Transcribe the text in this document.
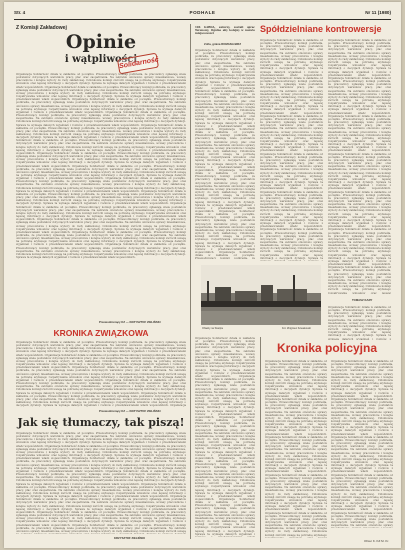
Str. 4	PODHALE	Nr 11 (1980)
Z Komisji Zakładowej
Opinie
i wątpliwości
Solidarność
Organizacja Solidarność działa w zakładzie od początku. Przewodniczący komisji podkreśla, że pracownicy zgłaszają wiele postulatów dotyczących warunków pracy, płac oraz zaopatrzenia. Na zebraniu omówiono sprawy mieszkaniowe, wczasy pracownicze i kolejne wybory do rady zakładowej. Członkowie komisji zwrócili uwagę na potrzebę szybszego rozpatrywania wniosków oraz lepszej informacji o decyzjach dyrekcji. Sprawa ta wymaga dalszych wyjaśnień i rozmów z przedstawicielami władz wojewódzkich. Organizacja Solidarność działa w zakładzie od początku. Przewodniczący komisji podkreśla, że pracownicy zgłaszają wiele postulatów dotyczących warunków pracy, płac oraz zaopatrzenia. Na zebraniu omówiono sprawy mieszkaniowe, wczasy pracownicze i kolejne wybory do rady zakładowej. Członkowie komisji zwrócili uwagę na potrzebę szybszego rozpatrywania wniosków oraz lepszej informacji o decyzjach dyrekcji. Sprawa ta wymaga dalszych wyjaśnień i rozmów z przedstawicielami władz wojewódzkich. Organizacja Solidarność działa w zakładzie od początku. Przewodniczący komisji podkreśla, że pracownicy zgłaszają wiele postulatów dotyczących warunków pracy, płac oraz zaopatrzenia. Na zebraniu omówiono sprawy mieszkaniowe, wczasy pracownicze i kolejne wybory do rady zakładowej. Członkowie komisji zwrócili uwagę na potrzebę szybszego rozpatrywania wniosków oraz lepszej informacji o decyzjach dyrekcji. Sprawa ta wymaga dalszych wyjaśnień i rozmów z przedstawicielami władz wojewódzkich. Organizacja Solidarność działa w zakładzie od początku. Przewodniczący komisji podkreśla, że pracownicy zgłaszają wiele postulatów dotyczących warunków pracy, płac oraz zaopatrzenia. Na zebraniu omówiono sprawy mieszkaniowe, wczasy pracownicze i kolejne wybory do rady zakładowej. Członkowie komisji zwrócili uwagę na potrzebę szybszego rozpatrywania wniosków oraz lepszej informacji o decyzjach dyrekcji. Sprawa ta wymaga dalszych wyjaśnień i rozmów z przedstawicielami władz wojewódzkich. Organizacja Solidarność działa w zakładzie od początku. Przewodniczący komisji podkreśla, że pracownicy zgłaszają wiele postulatów dotyczących warunków pracy, płac oraz zaopatrzenia. Na zebraniu omówiono sprawy mieszkaniowe, wczasy pracownicze i kolejne wybory do rady zakładowej. Członkowie komisji zwrócili uwagę na potrzebę szybszego rozpatrywania wniosków oraz lepszej informacji o decyzjach dyrekcji. Sprawa ta wymaga dalszych wyjaśnień i rozmów z przedstawicielami władz wojewódzkich. Organizacja Solidarność działa w zakładzie od początku. Przewodniczący komisji podkreśla, że pracownicy zgłaszają wiele postulatów dotyczących warunków pracy, płac oraz zaopatrzenia. Na zebraniu omówiono sprawy mieszkaniowe, wczasy pracownicze i kolejne wybory do rady zakładowej. Członkowie komisji zwrócili uwagę na potrzebę szybszego rozpatrywania wniosków oraz lepszej informacji o decyzjach dyrekcji. Sprawa ta wymaga dalszych wyjaśnień i rozmów z przedstawicielami władz wojewódzkich. Organizacja Solidarność działa w zakładzie od początku. Przewodniczący komisji podkreśla, że pracownicy zgłaszają wiele postulatów dotyczących warunków pracy, płac oraz zaopatrzenia. Na zebraniu omówiono sprawy mieszkaniowe, wczasy pracownicze i kolejne wybory do rady zakładowej. Członkowie komisji zwrócili uwagę na potrzebę szybszego rozpatrywania wniosków oraz lepszej informacji o decyzjach dyrekcji. Sprawa ta wymaga dalszych wyjaśnień i rozmów z przedstawicielami władz wojewódzkich. Organizacja Solidarność działa w zakładzie od początku. Przewodniczący komisji podkreśla, że pracownicy zgłaszają wiele postulatów dotyczących warunków pracy, płac oraz zaopatrzenia. Na zebraniu omówiono sprawy mieszkaniowe, wczasy pracownicze i kolejne wybory do rady zakładowej. Członkowie komisji zwrócili uwagę na potrzebę szybszego rozpatrywania wniosków oraz lepszej informacji o decyzjach dyrekcji. Sprawa ta wymaga dalszych wyjaśnień i rozmów z przedstawicielami władz wojewódzkich. Organizacja Solidarność działa w zakładzie od początku. Przewodniczący komisji podkreśla, że pracownicy zgłaszają wiele postulatów dotyczących warunków pracy, płac oraz zaopatrzenia. Na zebraniu omówiono sprawy mieszkaniowe, wczasy pracownicze i kolejne wybory do rady zakładowej. Członkowie komisji zwrócili uwagę na potrzebę szybszego rozpatrywania wniosków oraz lepszej informacji o decyzjach dyrekcji. Sprawa ta wymaga dalszych wyjaśnień i rozmów z przedstawicielami władz wojewódzkich. Organizacja Solidarność działa w zakładzie od początku. Przewodniczący komisji podkreśla, że pracownicy zgłaszają wiele postulatów dotyczących warunków pracy, płac oraz zaopatrzenia. Na zebraniu omówiono sprawy mieszkaniowe, wczasy pracownicze i kolejne wybory do rady zakładowej. Członkowie komisji zwrócili uwagę na potrzebę szybszego rozpatrywania wniosków oraz lepszej informacji o decyzjach dyrekcji. Sprawa ta wymaga dalszych wyjaśnień i rozmów z przedstawicielami władz wojewódzkich. Organizacja Solidarność działa w zakładzie od początku. Przewodniczący komisji podkreśla, że pracownicy zgłaszają wiele postulatów dotyczących warunków pracy, płac oraz zaopatrzenia. Na zebraniu omówiono sprawy mieszkaniowe, wczasy pracownicze i kolejne wybory do rady zakładowej. Członkowie komisji zwrócili uwagę na potrzebę szybszego rozpatrywania wniosków oraz lepszej informacji o decyzjach dyrekcji. Sprawa ta wymaga dalszych wyjaśnień i rozmów z przedstawicielami władz wojewódzkich. Organizacja Solidarność działa w zakładzie od początku. Przewodniczący komisji podkreśla, że pracownicy zgłaszają wiele postulatów dotyczących warunków pracy, płac oraz zaopatrzenia. Na zebraniu omówiono sprawy mieszkaniowe, wczasy pracownicze i kolejne wybory do rady zakładowej. Członkowie komisji zwrócili uwagę na potrzebę szybszego rozpatrywania wniosków oraz lepszej informacji o decyzjach dyrekcji. Sprawa ta wymaga dalszych wyjaśnień i rozmów z przedstawicielami władz wojewódzkich. Organizacja Solidarność działa w zakładzie od początku. Przewodniczący komisji podkreśla, że pracownicy zgłaszają wiele postulatów dotyczących warunków pracy, płac oraz zaopatrzenia. Na zebraniu omówiono sprawy mieszkaniowe, wczasy pracownicze i kolejne wybory do rady zakładowej. Członkowie komisji zwrócili uwagę na potrzebę szybszego rozpatrywania wniosków oraz lepszej informacji o decyzjach dyrekcji. Sprawa ta wymaga dalszych wyjaśnień i rozmów z przedstawicielami władz wojewódzkich. Organizacja Solidarność działa w zakładzie od początku. Przewodniczący komisji podkreśla, że pracownicy zgłaszają wiele postulatów dotyczących warunków pracy, płac oraz zaopatrzenia. Na zebraniu omówiono sprawy mieszkaniowe, wczasy pracownicze i kolejne wybory do rady zakładowej. Członkowie komisji zwrócili uwagę na potrzebę szybszego rozpatrywania wniosków oraz lepszej informacji o decyzjach dyrekcji. Sprawa ta wymaga dalszych wyjaśnień i rozmów z przedstawicielami władz wojewódzkich.
Przewodniczący KZ — KRZYSZTOF ZIELIŃSKI
KRONIKA ZWIĄZKOWA
Organizacja Solidarność działa w zakładzie od początku. Przewodniczący komisji podkreśla, że pracownicy zgłaszają wiele postulatów dotyczących warunków pracy, płac oraz zaopatrzenia. Na zebraniu omówiono sprawy mieszkaniowe, wczasy pracownicze i kolejne wybory do rady zakładowej. Członkowie komisji zwrócili uwagę na potrzebę szybszego rozpatrywania wniosków oraz lepszej informacji o decyzjach dyrekcji. Sprawa ta wymaga dalszych wyjaśnień i rozmów z przedstawicielami władz wojewódzkich. Organizacja Solidarność działa w zakładzie od początku. Przewodniczący komisji podkreśla, że pracownicy zgłaszają wiele postulatów dotyczących warunków pracy, płac oraz zaopatrzenia. Na zebraniu omówiono sprawy mieszkaniowe, wczasy pracownicze i kolejne wybory do rady zakładowej. Członkowie komisji zwrócili uwagę na potrzebę szybszego rozpatrywania wniosków oraz lepszej informacji o decyzjach dyrekcji. Sprawa ta wymaga dalszych wyjaśnień i rozmów z przedstawicielami władz wojewódzkich. Organizacja Solidarność działa w zakładzie od początku. Przewodniczący komisji podkreśla, że pracownicy zgłaszają wiele postulatów dotyczących warunków pracy, płac oraz zaopatrzenia. Na zebraniu omówiono sprawy mieszkaniowe, wczasy pracownicze i kolejne wybory do rady zakładowej. Członkowie komisji zwrócili uwagę na potrzebę szybszego rozpatrywania wniosków oraz lepszej informacji o decyzjach dyrekcji. Sprawa ta wymaga dalszych wyjaśnień i rozmów z przedstawicielami władz wojewódzkich. Organizacja Solidarność działa w zakładzie od początku. Przewodniczący komisji podkreśla, że pracownicy zgłaszają wiele postulatów dotyczących warunków pracy, płac oraz zaopatrzenia. Na zebraniu omówiono sprawy mieszkaniowe, wczasy pracownicze i kolejne wybory do rady zakładowej. Członkowie komisji zwrócili uwagę na potrzebę szybszego rozpatrywania wniosków oraz lepszej informacji o decyzjach dyrekcji. Sprawa ta wymaga dalszych wyjaśnień i rozmów z przedstawicielami władz wojewódzkich. Organizacja Solidarność działa w zakładzie od początku. Przewodniczący komisji podkreśla, że pracownicy zgłaszają wiele postulatów dotyczących warunków pracy, płac oraz zaopatrzenia. Na zebraniu omówiono sprawy mieszkaniowe, wczasy pracownicze i kolejne wybory do rady zakładowej. Członkowie komisji zwrócili uwagę na potrzebę szybszego rozpatrywania wniosków oraz lepszej informacji o decyzjach dyrekcji. Sprawa ta wymaga dalszych wyjaśnień i rozmów z przedstawicielami władz wojewódzkich. Organizacja
Przewodniczący KZ — KRZYSZTOF ZIELIŃSKI
Jak się tłumaczy, tak piszą!
Organizacja Solidarność działa w zakładzie od początku. Przewodniczący komisji podkreśla, że pracownicy zgłaszają wiele postulatów dotyczących warunków pracy, płac oraz zaopatrzenia. Na zebraniu omówiono sprawy mieszkaniowe, wczasy pracownicze i kolejne wybory do rady zakładowej. Członkowie komisji zwrócili uwagę na potrzebę szybszego rozpatrywania wniosków oraz lepszej informacji o decyzjach dyrekcji. Sprawa ta wymaga dalszych wyjaśnień i rozmów z przedstawicielami władz wojewódzkich. Organizacja Solidarność działa w zakładzie od początku. Przewodniczący komisji podkreśla, że pracownicy zgłaszają wiele postulatów dotyczących warunków pracy, płac oraz zaopatrzenia. Na zebraniu omówiono sprawy mieszkaniowe, wczasy pracownicze i kolejne wybory do rady zakładowej. Członkowie komisji zwrócili uwagę na potrzebę szybszego rozpatrywania wniosków oraz lepszej informacji o decyzjach dyrekcji. Sprawa ta wymaga dalszych wyjaśnień i rozmów z przedstawicielami władz wojewódzkich. Organizacja Solidarność działa w zakładzie od początku. Przewodniczący komisji podkreśla, że pracownicy zgłaszają wiele postulatów dotyczących warunków pracy, płac oraz zaopatrzenia. Na zebraniu omówiono sprawy mieszkaniowe, wczasy pracownicze i kolejne wybory do rady zakładowej. Członkowie komisji zwrócili uwagę na potrzebę szybszego rozpatrywania wniosków oraz lepszej informacji o decyzjach dyrekcji. Sprawa ta wymaga dalszych wyjaśnień i rozmów z przedstawicielami władz wojewódzkich. Organizacja Solidarność działa w zakładzie od początku. Przewodniczący komisji podkreśla, że pracownicy zgłaszają wiele postulatów dotyczących warunków pracy, płac oraz zaopatrzenia. Na zebraniu omówiono sprawy mieszkaniowe, wczasy pracownicze i kolejne wybory do rady zakładowej. Członkowie komisji zwrócili uwagę na potrzebę szybszego rozpatrywania wniosków oraz lepszej informacji o decyzjach dyrekcji. Sprawa ta wymaga dalszych wyjaśnień i rozmów z przedstawicielami władz wojewódzkich. Organizacja Solidarność działa w zakładzie od początku. Przewodniczący komisji podkreśla, że pracownicy zgłaszają wiele postulatów dotyczących warunków pracy, płac oraz zaopatrzenia. Na zebraniu omówiono sprawy mieszkaniowe, wczasy pracownicze i kolejne wybory do rady zakładowej. Członkowie komisji zwrócili uwagę na potrzebę szybszego rozpatrywania wniosków oraz lepszej informacji o decyzjach dyrekcji. Sprawa ta wymaga dalszych wyjaśnień i rozmów z przedstawicielami władz wojewódzkich. Organizacja Solidarność działa w zakładzie od początku. Przewodniczący komisji podkreśla, że pracownicy zgłaszają wiele postulatów dotyczących warunków pracy, płac oraz zaopatrzenia. Na zebraniu omówiono sprawy mieszkaniowe, wczasy pracownicze i kolejne wybory do rady zakładowej. Członkowie komisji zwrócili uwagę na potrzebę szybszego rozpatrywania wniosków oraz lepszej informacji o decyzjach dyrekcji. Sprawa ta wymaga dalszych wyjaśnień i rozmów z przedstawicielami władz wojewódzkich. Organizacja Solidarność działa w zakładzie od początku. Przewodniczący komisji podkreśla, że pracownicy zgłaszają wiele postulatów dotyczących warunków pracy, płac oraz zaopatrzenia. Na zebraniu omówiono sprawy mieszkaniowe, wczasy pracownicze i kolejne wybory do rady zakładowej. Członkowie komisji zwrócili uwagę na potrzebę szybszego rozpatrywania wniosków oraz lepszej informacji o decyzjach dyrekcji. Sprawa ta wymaga dalszych wyjaśnień i rozmów z przedstawicielami władz wojewódzkich. Organizacja Solidarność działa w zakładzie od początku. Przewodniczący komisji podkreśla, że pracownicy zgłaszają wiele postulatów dotyczących warunków pracy, płac oraz zaopatrzenia. Na zebraniu omówiono sprawy mieszkaniowe, wczasy pracownicze i kolejne wybory do rady zakładowej. Członkowie komisji zwrócili uwagę
KRZYSZTOF ZIELIŃSKI
106 GARDA, autorzy, zostali oprac Terenowy, Ogólne aby kolejny w nazwie miejscowości
Zofia, gmina ROMANA BIRZ
Organizacja Solidarność działa w zakładzie od początku. Przewodniczący komisji podkreśla, że pracownicy zgłaszają wiele postulatów dotyczących warunków pracy, płac oraz zaopatrzenia. Na zebraniu omówiono sprawy mieszkaniowe, wczasy pracownicze i kolejne wybory do rady zakładowej. Członkowie komisji zwrócili uwagę na potrzebę szybszego rozpatrywania wniosków oraz lepszej informacji o decyzjach dyrekcji. Sprawa ta wymaga dalszych wyjaśnień i rozmów z przedstawicielami władz wojewódzkich. Organizacja Solidarność działa w zakładzie od początku. Przewodniczący komisji podkreśla, że pracownicy zgłaszają wiele postulatów dotyczących warunków pracy, płac oraz zaopatrzenia. Na zebraniu omówiono sprawy mieszkaniowe, wczasy pracownicze i kolejne wybory do rady zakładowej. Członkowie komisji zwrócili uwagę na potrzebę szybszego rozpatrywania wniosków oraz lepszej informacji o decyzjach dyrekcji. Sprawa ta wymaga dalszych wyjaśnień i rozmów z przedstawicielami władz wojewódzkich. Organizacja Solidarność działa w zakładzie od początku. Przewodniczący komisji podkreśla, że pracownicy zgłaszają wiele postulatów dotyczących warunków pracy, płac oraz zaopatrzenia. Na zebraniu omówiono sprawy mieszkaniowe, wczasy pracownicze i kolejne wybory do rady zakładowej. Członkowie komisji zwrócili uwagę na potrzebę szybszego rozpatrywania wniosków oraz lepszej informacji o decyzjach dyrekcji. Sprawa ta wymaga dalszych wyjaśnień i rozmów z przedstawicielami władz wojewódzkich. Organizacja Solidarność działa w zakładzie od początku. Przewodniczący komisji podkreśla, że pracownicy zgłaszają wiele postulatów dotyczących warunków pracy, płac oraz zaopatrzenia. Na zebraniu omówiono sprawy mieszkaniowe, wczasy pracownicze i kolejne wybory do rady zakładowej. Członkowie komisji zwrócili uwagę na potrzebę szybszego rozpatrywania wniosków oraz lepszej informacji o decyzjach dyrekcji. Sprawa ta wymaga dalszych wyjaśnień i rozmów z przedstawicielami władz wojewódzkich. Organizacja Solidarność działa w zakładzie od początku. Przewodniczący komisji podkreśla, że pracownicy zgłaszają wiele postulatów dotyczących warunków pracy, płac oraz zaopatrzenia. Na zebraniu omówiono sprawy mieszkaniowe, wczasy pracownicze i kolejne wybory do rady zakładowej. Członkowie komisji zwrócili uwagę na potrzebę szybszego rozpatrywania wniosków oraz lepszej informacji o decyzjach dyrekcji. Sprawa ta wymaga dalszych wyjaśnień i rozmów z przedstawicielami władz wojewódzkich. Organizacja Solidarność działa w zakładzie od początku. Przewodniczący komisji podkreśla, że
Spółdzielniane kontrowersje
Organizacja Solidarność działa w zakładzie od początku. Przewodniczący komisji podkreśla, że pracownicy zgłaszają wiele postulatów dotyczących warunków pracy, płac oraz zaopatrzenia. Na zebraniu omówiono sprawy mieszkaniowe, wczasy pracownicze i kolejne wybory do rady zakładowej. Członkowie komisji zwrócili uwagę na potrzebę szybszego rozpatrywania wniosków oraz lepszej informacji o decyzjach dyrekcji. Sprawa ta wymaga dalszych wyjaśnień i rozmów z przedstawicielami władz wojewódzkich. Organizacja Solidarność działa w zakładzie od początku. Przewodniczący komisji podkreśla, że pracownicy zgłaszają wiele postulatów dotyczących warunków pracy, płac oraz zaopatrzenia. Na zebraniu omówiono sprawy mieszkaniowe, wczasy pracownicze i kolejne wybory do rady zakładowej. Członkowie komisji zwrócili uwagę na potrzebę szybszego rozpatrywania wniosków oraz lepszej informacji o decyzjach dyrekcji. Sprawa ta wymaga dalszych wyjaśnień i rozmów z przedstawicielami władz wojewódzkich. Organizacja Solidarność działa w zakładzie od początku. Przewodniczący komisji podkreśla, że pracownicy zgłaszają wiele postulatów dotyczących warunków pracy, płac oraz zaopatrzenia. Na zebraniu omówiono sprawy mieszkaniowe, wczasy pracownicze i kolejne wybory do rady zakładowej. Członkowie komisji zwrócili uwagę na potrzebę szybszego rozpatrywania wniosków oraz lepszej informacji o decyzjach dyrekcji. Sprawa ta wymaga dalszych wyjaśnień i rozmów z przedstawicielami władz wojewódzkich. Organizacja Solidarność działa w zakładzie od początku. Przewodniczący komisji podkreśla, że pracownicy zgłaszają wiele postulatów dotyczących warunków pracy, płac oraz zaopatrzenia. Na zebraniu omówiono sprawy mieszkaniowe, wczasy pracownicze i kolejne wybory do rady zakładowej. Członkowie komisji zwrócili uwagę na potrzebę szybszego rozpatrywania wniosków oraz lepszej informacji o decyzjach dyrekcji. Sprawa ta wymaga dalszych wyjaśnień i rozmów z przedstawicielami władz wojewódzkich. Organizacja Solidarność działa w zakładzie od początku. Przewodniczący komisji podkreśla, że pracownicy zgłaszają wiele postulatów dotyczących warunków pracy, płac oraz zaopatrzenia. Na zebraniu omówiono sprawy mieszkaniowe, wczasy pracownicze i kolejne wybory do rady zakładowej. Członkowie komisji zwrócili uwagę na potrzebę szybszego rozpatrywania wniosków oraz lepszej informacji o decyzjach dyrekcji. Sprawa ta wymaga dalszych wyjaśnień i rozmów z przedstawicielami władz wojewódzkich. Organizacja Solidarność działa w zakładzie od początku. Przewodniczący komisji podkreśla, że pracownicy zgłaszają wiele postulatów dotyczących warunków pracy, płac oraz zaopatrzenia. Na zebraniu omówiono sprawy mieszkaniowe, wczasy pracownicze i kolejne wybory do rady zakładowej. Członkowie komisji zwrócili uwagę na potrzebę szybszego rozpatrywania wniosków oraz lepszej informacji o decyzjach dyrekcji. Sprawa ta
Organizacja Solidarność działa w zakładzie od początku. Przewodniczący komisji podkreśla, że pracownicy zgłaszają wiele postulatów dotyczących warunków pracy, płac oraz zaopatrzenia. Na zebraniu omówiono sprawy mieszkaniowe, wczasy pracownicze i kolejne wybory do rady zakładowej. Członkowie komisji zwrócili uwagę na potrzebę szybszego rozpatrywania wniosków oraz lepszej informacji o decyzjach dyrekcji. Sprawa ta wymaga dalszych wyjaśnień i rozmów z przedstawicielami władz wojewódzkich. Organizacja Solidarność działa w zakładzie od początku. Przewodniczący komisji podkreśla, że pracownicy zgłaszają wiele postulatów dotyczących warunków pracy, płac oraz zaopatrzenia. Na zebraniu omówiono sprawy mieszkaniowe, wczasy pracownicze i kolejne wybory do rady zakładowej. Członkowie komisji zwrócili uwagę na potrzebę szybszego rozpatrywania wniosków oraz lepszej informacji o decyzjach dyrekcji. Sprawa ta wymaga dalszych wyjaśnień i rozmów z przedstawicielami władz wojewódzkich. Organizacja Solidarność działa w zakładzie od początku. Przewodniczący komisji podkreśla, że pracownicy zgłaszają wiele postulatów dotyczących warunków pracy, płac oraz zaopatrzenia. Na zebraniu omówiono sprawy mieszkaniowe, wczasy pracownicze i kolejne wybory do rady zakładowej. Członkowie komisji zwrócili uwagę na potrzebę szybszego rozpatrywania wniosków oraz lepszej informacji o decyzjach dyrekcji. Sprawa ta wymaga dalszych wyjaśnień i rozmów z przedstawicielami władz wojewódzkich. Organizacja Solidarność działa w zakładzie od początku. Przewodniczący komisji podkreśla, że pracownicy zgłaszają wiele postulatów dotyczących warunków pracy, płac oraz zaopatrzenia. Na zebraniu omówiono sprawy mieszkaniowe, wczasy pracownicze i kolejne wybory do rady zakładowej. Członkowie komisji zwrócili uwagę na potrzebę szybszego rozpatrywania wniosków oraz lepszej informacji o decyzjach dyrekcji. Sprawa ta wymaga dalszych wyjaśnień i rozmów z przedstawicielami władz wojewódzkich. Organizacja Solidarność działa w zakładzie od początku. Przewodniczący komisji podkreśla, że pracownicy zgłaszają wiele postulatów dotyczących warunków pracy, płac oraz zaopatrzenia. Na zebraniu omówiono sprawy mieszkaniowe, wczasy pracownicze i kolejne wybory do rady zakładowej. Członkowie komisji zwrócili uwagę na potrzebę szybszego rozpatrywania wniosków oraz lepszej informacji o decyzjach dyrekcji. Sprawa ta wymaga dalszych wyjaśnień i rozmów z przedstawicielami władz wojewódzkich. Organizacja Solidarność działa w zakładzie od początku. Przewodniczący komisji podkreśla, że pracownicy zgłaszają wiele postulatów dotyczących warunków pracy, płac oraz zaopatrzenia. Na zebraniu omówiono sprawy mieszkaniowe, wczasy pracownicze i kolejne wybory do rady zakładowej. Członkowie komisji zwrócili uwagę na potrzebę szybszego rozpatrywania wniosków oraz lepszej informacji o decyzjach dyrekcji. Sprawa ta wymaga dalszych wyjaśnień i rozmów z przedstawicielami władz wojewódzkich. Organizacja Solidarność działa w zakładzie od początku. Przewodniczący komisji podkreśla, że pracownicy zgłaszają wiele postulatów dotyczących warunków pracy, płac oraz zaopatrzenia. Na zebraniu omówiono sprawy mieszkaniowe, wczasy pracownicze i kolejne wybory do rady zakładowej. Członkowie komisji zwrócili uwagę na potrzebę szybszego rozpatrywania wniosków oraz lepszej
TOMASZ KARY
Organizacja Solidarność działa w zakładzie od początku. Przewodniczący komisji podkreśla, że pracownicy zgłaszają wiele postulatów dotyczących warunków pracy, płac oraz zaopatrzenia. Na zebraniu omówiono sprawy mieszkaniowe, wczasy pracownicze i kolejne wybory do rady zakładowej. Członkowie komisji zwrócili uwagę na potrzebę szybszego rozpatrywania wniosków oraz lepszej informacji o decyzjach dyrekcji. Sprawa ta wymaga dalszych wyjaśnień i rozmów z
Obiekty na Skarpie	Fot. Zbigniew Kowalewski
Organizacja Solidarność działa w zakładzie od początku. Przewodniczący komisji podkreśla, że pracownicy zgłaszają wiele postulatów dotyczących warunków pracy, płac oraz zaopatrzenia. Na zebraniu omówiono sprawy mieszkaniowe, wczasy pracownicze i kolejne wybory do rady zakładowej. Członkowie komisji zwrócili uwagę na potrzebę szybszego rozpatrywania wniosków oraz lepszej informacji o decyzjach dyrekcji. Sprawa ta wymaga dalszych wyjaśnień i rozmów z przedstawicielami władz wojewódzkich. Organizacja Solidarność działa w zakładzie od początku. Przewodniczący komisji podkreśla, że pracownicy zgłaszają wiele postulatów dotyczących warunków pracy, płac oraz zaopatrzenia. Na zebraniu omówiono sprawy mieszkaniowe, wczasy pracownicze i kolejne wybory do rady zakładowej. Członkowie komisji zwrócili uwagę na potrzebę szybszego rozpatrywania wniosków oraz lepszej informacji o decyzjach dyrekcji. Sprawa ta wymaga dalszych wyjaśnień i rozmów z przedstawicielami władz wojewódzkich. Organizacja Solidarność działa w zakładzie od początku. Przewodniczący komisji podkreśla, że pracownicy zgłaszają wiele postulatów dotyczących warunków pracy, płac oraz zaopatrzenia. Na zebraniu omówiono sprawy mieszkaniowe, wczasy pracownicze i kolejne wybory do rady zakładowej. Członkowie komisji zwrócili uwagę na potrzebę szybszego rozpatrywania wniosków oraz lepszej informacji o decyzjach dyrekcji. Sprawa ta wymaga dalszych wyjaśnień i rozmów z przedstawicielami władz wojewódzkich. Organizacja Solidarność działa w zakładzie od początku. Przewodniczący komisji podkreśla, że pracownicy zgłaszają wiele postulatów dotyczących warunków pracy, płac oraz zaopatrzenia. Na zebraniu omówiono sprawy mieszkaniowe, wczasy pracownicze i kolejne wybory do rady zakładowej. Członkowie komisji zwrócili uwagę na potrzebę szybszego rozpatrywania wniosków oraz lepszej informacji o decyzjach dyrekcji. Sprawa ta wymaga dalszych wyjaśnień i rozmów z przedstawicielami władz wojewódzkich. Organizacja Solidarność działa w zakładzie od początku. Przewodniczący komisji podkreśla, że pracownicy zgłaszają wiele postulatów dotyczących warunków pracy, płac oraz zaopatrzenia. Na zebraniu omówiono sprawy mieszkaniowe, wczasy pracownicze i kolejne wybory do rady zakładowej. Członkowie komisji zwrócili uwagę na potrzebę szybszego rozpatrywania wniosków oraz lepszej informacji o decyzjach dyrekcji. Sprawa ta wymaga dalszych wyjaśnień i
Kronika policyjna
Organizacja Solidarność działa w zakładzie od początku. Przewodniczący komisji podkreśla, że pracownicy zgłaszają wiele postulatów dotyczących warunków pracy, płac oraz zaopatrzenia. Na zebraniu omówiono sprawy mieszkaniowe, wczasy pracownicze i kolejne wybory do rady zakładowej. Członkowie komisji zwrócili uwagę na potrzebę szybszego rozpatrywania wniosków oraz lepszej informacji o decyzjach dyrekcji. Sprawa ta wymaga dalszych wyjaśnień i rozmów z przedstawicielami władz wojewódzkich. Organizacja Solidarność działa w zakładzie od początku. Przewodniczący komisji podkreśla, że pracownicy zgłaszają wiele postulatów dotyczących warunków pracy, płac oraz zaopatrzenia. Na zebraniu omówiono sprawy mieszkaniowe, wczasy pracownicze i kolejne wybory do rady zakładowej. Członkowie komisji zwrócili uwagę na potrzebę szybszego rozpatrywania wniosków oraz lepszej informacji o decyzjach dyrekcji. Sprawa ta wymaga dalszych wyjaśnień i rozmów z przedstawicielami władz wojewódzkich. Organizacja Solidarność działa w zakładzie od początku. Przewodniczący komisji podkreśla, że pracownicy zgłaszają wiele postulatów dotyczących warunków pracy, płac oraz zaopatrzenia. Na zebraniu omówiono sprawy mieszkaniowe, wczasy pracownicze i kolejne wybory do rady zakładowej. Członkowie komisji zwrócili uwagę na potrzebę szybszego rozpatrywania wniosków oraz lepszej informacji o decyzjach dyrekcji. Sprawa ta wymaga dalszych wyjaśnień i rozmów z przedstawicielami władz wojewódzkich. Organizacja Solidarność działa w zakładzie od początku. Przewodniczący komisji podkreśla, że pracownicy zgłaszają wiele postulatów dotyczących warunków pracy, płac oraz zaopatrzenia. Na zebraniu omówiono sprawy mieszkaniowe, wczasy pracownicze i kolejne wybory do rady zakładowej. Członkowie komisji zwrócili uwagę na potrzebę szybszego rozpatrywania wniosków oraz lepszej informacji o decyzjach dyrekcji. Sprawa ta wymaga dalszych wyjaśnień i rozmów z przedstawicielami władz wojewódzkich. Organizacja Solidarność działa w zakładzie od początku. Przewodniczący komisji podkreśla, że pracownicy zgłaszają wiele postulatów dotyczących warunków pracy, płac oraz zaopatrzenia. Na zebraniu omówiono sprawy mieszkaniowe, wczasy pracownicze i kolejne wybory do rady zakładowej. Członkowie komisji zwrócili uwagę na potrzebę szybszego
Organizacja Solidarność działa w zakładzie od początku. Przewodniczący komisji podkreśla, że pracownicy zgłaszają wiele postulatów dotyczących warunków pracy, płac oraz zaopatrzenia. Na zebraniu omówiono sprawy mieszkaniowe, wczasy pracownicze i kolejne wybory do rady zakładowej. Członkowie komisji zwrócili uwagę na potrzebę szybszego rozpatrywania wniosków oraz lepszej informacji o decyzjach dyrekcji. Sprawa ta wymaga dalszych wyjaśnień i rozmów z przedstawicielami władz wojewódzkich. Organizacja Solidarność działa w zakładzie od początku. Przewodniczący komisji podkreśla, że pracownicy zgłaszają wiele postulatów dotyczących warunków pracy, płac oraz zaopatrzenia. Na zebraniu omówiono sprawy mieszkaniowe, wczasy pracownicze i kolejne wybory do rady zakładowej. Członkowie komisji zwrócili uwagę na potrzebę szybszego rozpatrywania wniosków oraz lepszej informacji o decyzjach dyrekcji. Sprawa ta wymaga dalszych wyjaśnień i rozmów z przedstawicielami władz wojewódzkich. Organizacja Solidarność działa w zakładzie od początku. Przewodniczący komisji podkreśla, że pracownicy zgłaszają wiele postulatów dotyczących warunków pracy, płac oraz zaopatrzenia. Na zebraniu omówiono sprawy mieszkaniowe, wczasy pracownicze i kolejne wybory do rady zakładowej. Członkowie komisji zwrócili uwagę na potrzebę szybszego rozpatrywania wniosków oraz lepszej informacji o decyzjach dyrekcji. Sprawa ta wymaga dalszych wyjaśnień i rozmów z przedstawicielami władz wojewódzkich. Organizacja Solidarność działa w zakładzie od początku. Przewodniczący komisji podkreśla, że pracownicy zgłaszają wiele postulatów dotyczących warunków pracy, płac oraz zaopatrzenia. Na zebraniu omówiono sprawy mieszkaniowe, wczasy pracownicze i kolejne wybory do rady zakładowej. Członkowie komisji zwrócili uwagę na potrzebę szybszego rozpatrywania wniosków oraz lepszej informacji o decyzjach dyrekcji. Sprawa ta wymaga dalszych wyjaśnień i rozmów z przedstawicielami władz wojewódzkich. Organizacja Solidarność działa w zakładzie od początku. Przewodniczący komisji podkreśla, że pracownicy zgłaszają wiele postulatów dotyczących warunków pracy, płac oraz zaopatrzenia. Na zebraniu omówiono sprawy
Oficer K. KZ M. Kr.
